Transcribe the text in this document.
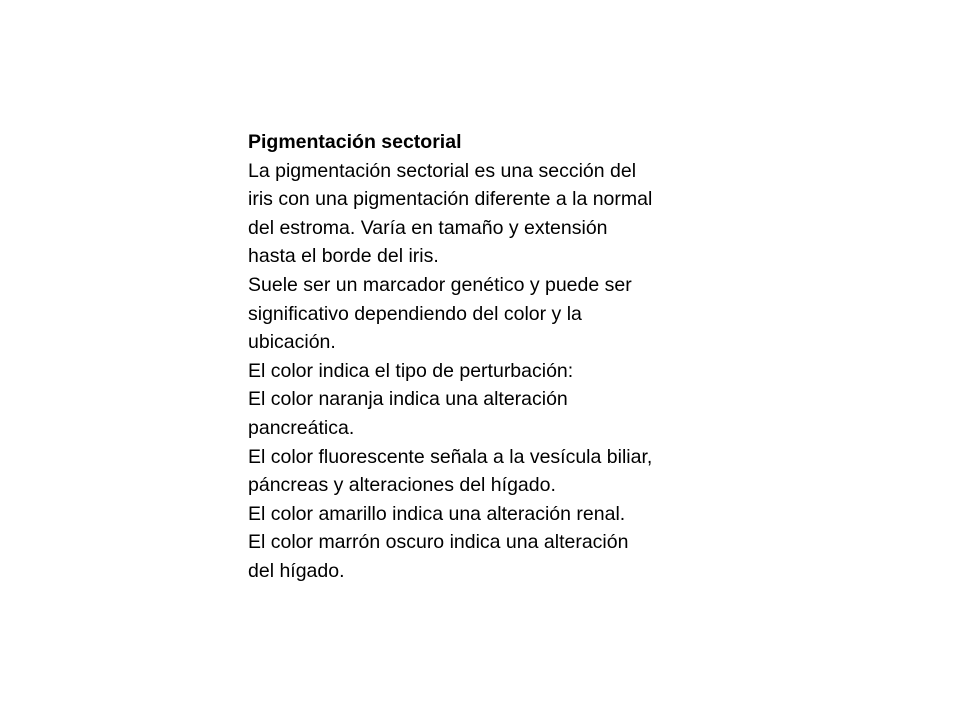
Pigmentación sectorial
La pigmentación sectorial es una sección del
iris con una pigmentación diferente a la normal
del estroma. Varía en tamaño y extensión
hasta el borde del iris.
Suele ser un marcador genético y puede ser
significativo dependiendo del color y la
ubicación.
El color indica el tipo de perturbación:
El color naranja indica una alteración
pancreática.
El color fluorescente señala a la vesícula biliar,
páncreas y alteraciones del hígado.
El color amarillo indica una alteración renal.
El color marrón oscuro indica una alteración
del hígado.
